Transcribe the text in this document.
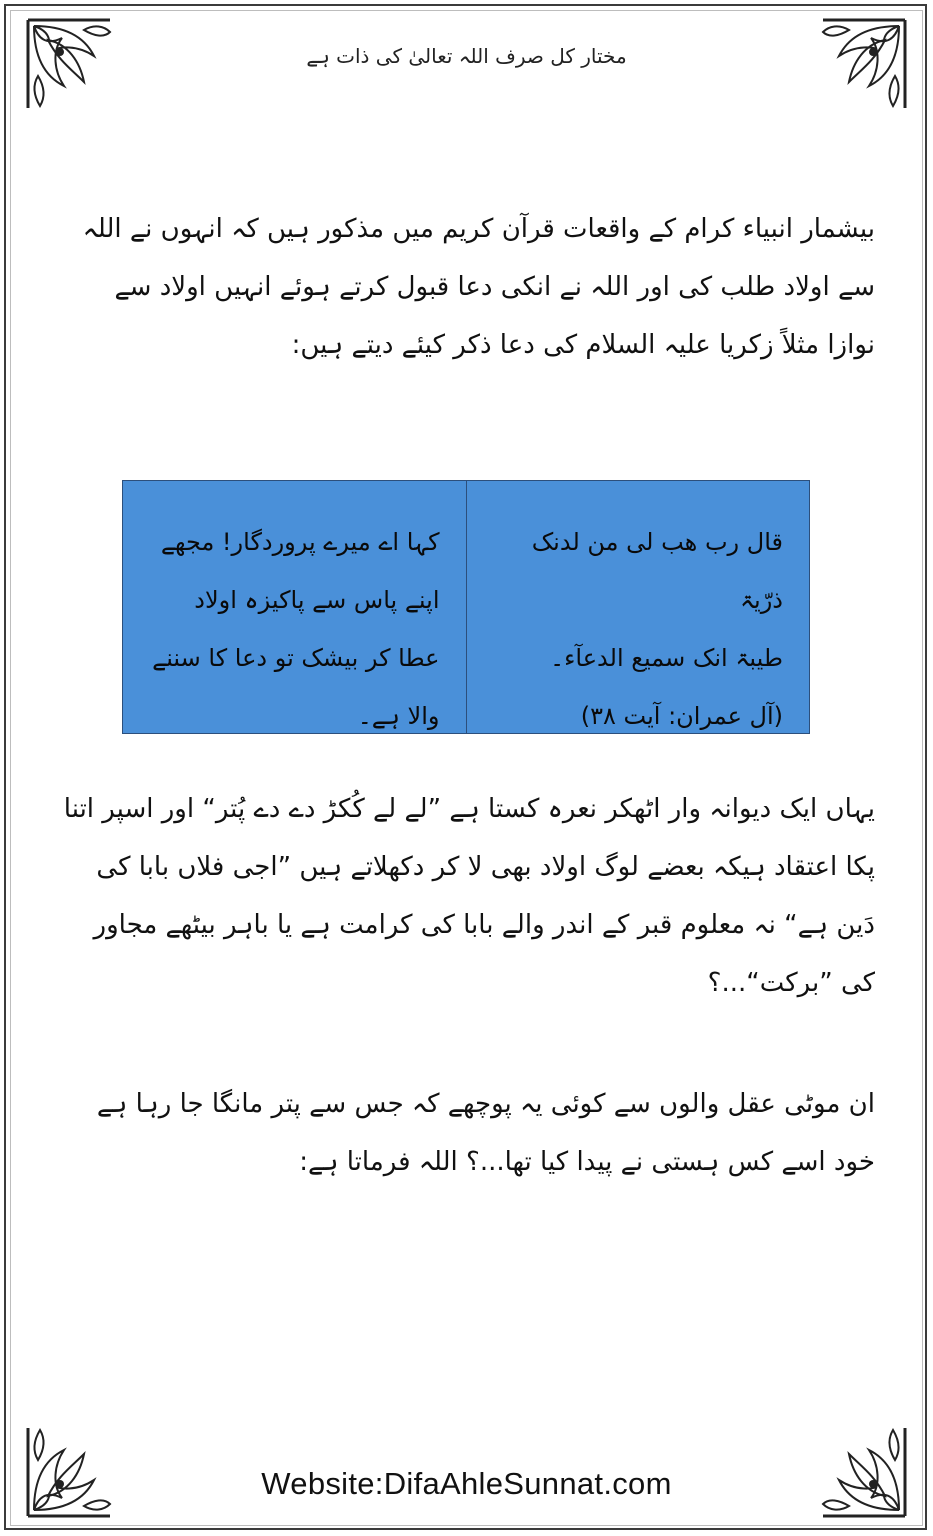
مختار کل صرف اللہ تعالیٰ کی ذات ہے
بیشمار انبیاء کرام کے واقعات قرآن کریم میں مذکور ہیں کہ انہوں نے اللہ سے اولاد طلب کی اور اللہ نے انکی دعا قبول کرتے ہوئے انہیں اولاد سے نوازا مثلاً زکریا علیہ السلام کی دعا ذکر کیئے دیتے ہیں:
قال رب ھب لی من لدنک ذرّیۃ
طیبۃ انک سمیع الدعآء۔
(آل عمران: آیت ۳۸)
کہا اے میرے پروردگار! مجھے اپنے پاس سے پاکیزہ اولاد عطا کر بیشک تو دعا کا سننے والا ہے۔
یہاں ایک دیوانہ وار اٹھکر نعرہ کستا ہے ”لے لے کُکڑ دے دے پُتر“ اور اسپر اتنا پکا اعتقاد ہیکہ بعضے لوگ اولاد بھی لا کر دکھلاتے ہیں ”اجی فلاں بابا کی دَین ہے“ نہ معلوم قبر کے اندر والے بابا کی کرامت ہے یا باہر بیٹھے مجاور کی ”برکت“...؟
ان موٹی عقل والوں سے کوئی یہ پوچھے کہ جس سے پتر مانگا جا رہا ہے خود اسے کس ہستی نے پیدا کیا تھا...؟ اللہ فرماتا ہے:
Website:DifaAhleSunnat.com
